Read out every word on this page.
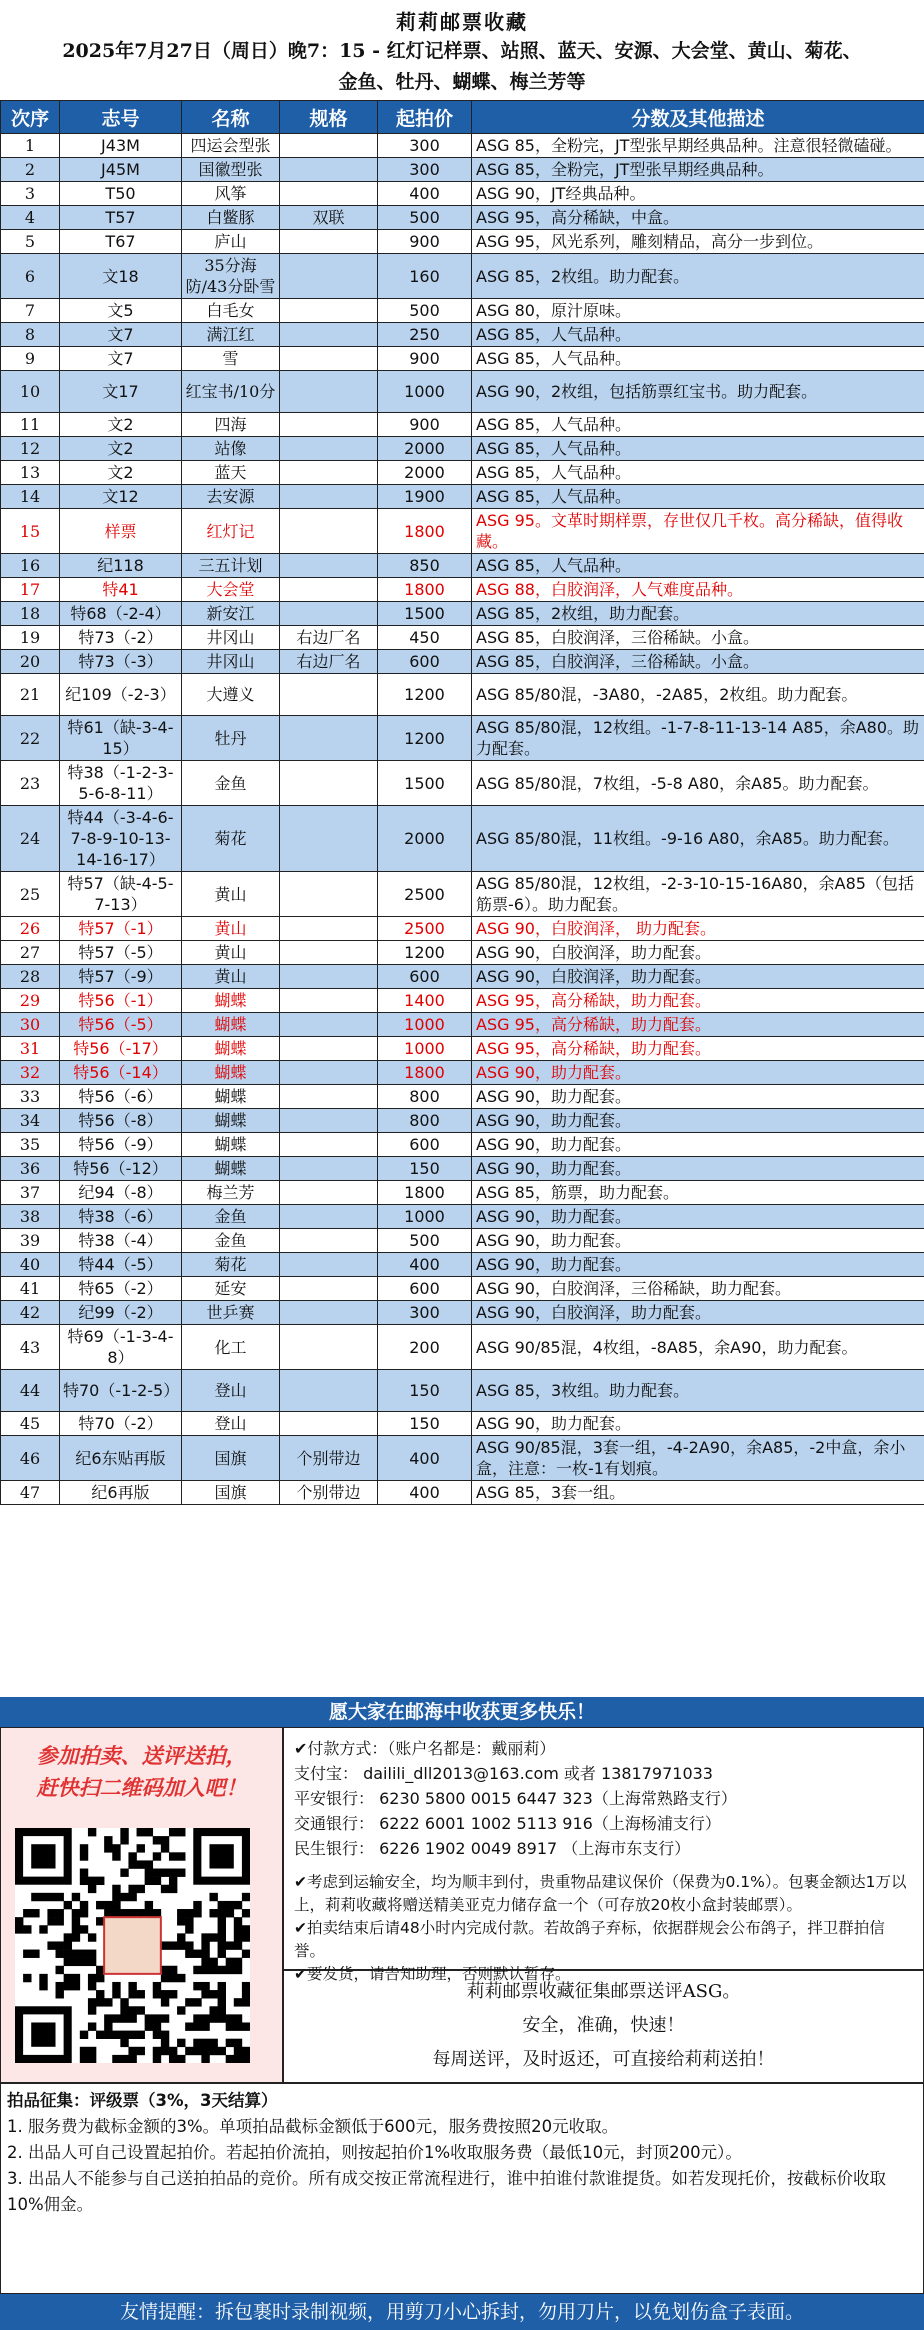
莉莉邮票收藏
2025年7月27日（周日）晚7：15 - 红灯记样票、站照、蓝天、安源、大会堂、黄山、菊花、
金鱼、牡丹、蝴蝶、梅兰芳等
次序	志号	名称	规格	起拍价	分数及其他描述
1	J43M	四运会型张		300	ASG 85，全粉完，JT型张早期经典品种。注意很轻微磕碰。
2	J45M	国徽型张		300	ASG 85，全粉完，JT型张早期经典品种。
3	T50	风筝		400	ASG 90，JT经典品种。
4	T57	白鳖豚	双联	500	ASG 95，高分稀缺，中盒。
5	T67	庐山		900	ASG 95，风光系列，雕刻精品，高分一步到位。
6	文18	35分海防/43分卧雪		160	ASG 85，2枚组。助力配套。
7	文5	白毛女		500	ASG 80，原汁原味。
8	文7	满江红		250	ASG 85，人气品种。
9	文7	雪		900	ASG 85，人气品种。
10	文17	红宝书/10分		1000	ASG 90，2枚组，包括筋票红宝书。助力配套。
11	文2	四海		900	ASG 85，人气品种。
12	文2	站像		2000	ASG 85，人气品种。
13	文2	蓝天		2000	ASG 85，人气品种。
14	文12	去安源		1900	ASG 85，人气品种。
15	样票	红灯记		1800	ASG 95。文革时期样票，存世仅几千枚。高分稀缺，值得收藏。
16	纪118	三五计划		850	ASG 85，人气品种。
17	特41	大会堂		1800	ASG 88，白胶润泽，人气难度品种。
18	特68（-2-4）	新安江		1500	ASG 85，2枚组，助力配套。
19	特73（-2）	井冈山	右边厂名	450	ASG 85，白胶润泽，三俗稀缺。小盒。
20	特73（-3）	井冈山	右边厂名	600	ASG 85，白胶润泽，三俗稀缺。小盒。
21	纪109（-2-3）	大遵义		1200	ASG 85/80混，-3A80，-2A85，2枚组。助力配套。
22	特61（缺-3-4-15）	牡丹		1200	ASG 85/80混，12枚组。-1-7-8-11-13-14 A85，余A80。助力配套。
23	特38（-1-2-3-5-6-8-11）	金鱼		1500	ASG 85/80混，7枚组，-5-8 A80，余A85。助力配套。
24	特44（-3-4-6-7-8-9-10-13-14-16-17）	菊花		2000	ASG 85/80混，11枚组。-9-16 A80，余A85。助力配套。
25	特57（缺-4-5-7-13）	黄山		2500	ASG 85/80混，12枚组，-2-3-10-15-16A80，余A85（包括筋票-6）。助力配套。
26	特57（-1）	黄山		2500	ASG 90，白胶润泽， 助力配套。
27	特57（-5）	黄山		1200	ASG 90，白胶润泽，助力配套。
28	特57（-9）	黄山		600	ASG 90，白胶润泽，助力配套。
29	特56（-1）	蝴蝶		1400	ASG 95，高分稀缺，助力配套。
30	特56（-5）	蝴蝶		1000	ASG 95，高分稀缺，助力配套。
31	特56（-17）	蝴蝶		1000	ASG 95，高分稀缺，助力配套。
32	特56（-14）	蝴蝶		1800	ASG 90，助力配套。
33	特56（-6）	蝴蝶		800	ASG 90，助力配套。
34	特56（-8）	蝴蝶		800	ASG 90，助力配套。
35	特56（-9）	蝴蝶		600	ASG 90，助力配套。
36	特56（-12）	蝴蝶		150	ASG 90，助力配套。
37	纪94（-8）	梅兰芳		1800	ASG 85，筋票，助力配套。
38	特38（-6）	金鱼		1000	ASG 90，助力配套。
39	特38（-4）	金鱼		500	ASG 90，助力配套。
40	特44（-5）	菊花		400	ASG 90，助力配套。
41	特65（-2）	延安		600	ASG 90，白胶润泽，三俗稀缺，助力配套。
42	纪99（-2）	世乒赛		300	ASG 90，白胶润泽，助力配套。
43	特69（-1-3-4-8）	化工		200	ASG 90/85混，4枚组，-8A85，余A90，助力配套。
44	特70（-1-2-5）	登山		150	ASG 85，3枚组。助力配套。
45	特70（-2）	登山		150	ASG 90，助力配套。
46	纪6东贴再版	国旗	个别带边	400	ASG 90/85混，3套一组，-4-2A90，余A85，-2中盒，余小盒，注意：一枚-1有划痕。
47	纪6再版	国旗	个别带边	400	ASG 85，3套一组。
愿大家在邮海中收获更多快乐！
参加拍卖、送评送拍，
赶快扫二维码加入吧！
✔付款方式：（账户名都是：戴丽莉）
支付宝： dailili_dll2013@163.com 或者 13817971033
平安银行： 6230 5800 0015 6447 323（上海常熟路支行）
交通银行： 6222 6001 1002 5113 916（上海杨浦支行）
民生银行： 6226 1902 0049 8917 （上海市东支行）
✔考虑到运输安全，均为顺丰到付，贵重物品建议保价（保费为0.1%）。包裹金额达1万以上，莉莉收藏将赠送精美亚克力储存盒一个（可存放20枚小盒封装邮票）。
✔拍卖结束后请48小时内完成付款。若故鸽子弃标，依据群规会公布鸽子，拌卫群拍信誉。
✔要发货，请告知助理，否则默认暂存。
莉莉邮票收藏征集邮票送评ASG。
安全，准确，快速！
每周送评，及时返还，可直接给莉莉送拍！
拍品征集：评级票（3%，3天结算）
1. 服务费为截标金额的3%。单项拍品截标金额低于600元，服务费按照20元收取。
2. 出品人可自己设置起拍价。若起拍价流拍，则按起拍价1%收取服务费（最低10元，封顶200元）。
3. 出品人不能参与自己送拍拍品的竞价。所有成交按正常流程进行，谁中拍谁付款谁提货。如若发现托价，按截标价收取10%佣金。
友情提醒：拆包裹时录制视频，用剪刀小心拆封，勿用刀片，以免划伤盒子表面。
